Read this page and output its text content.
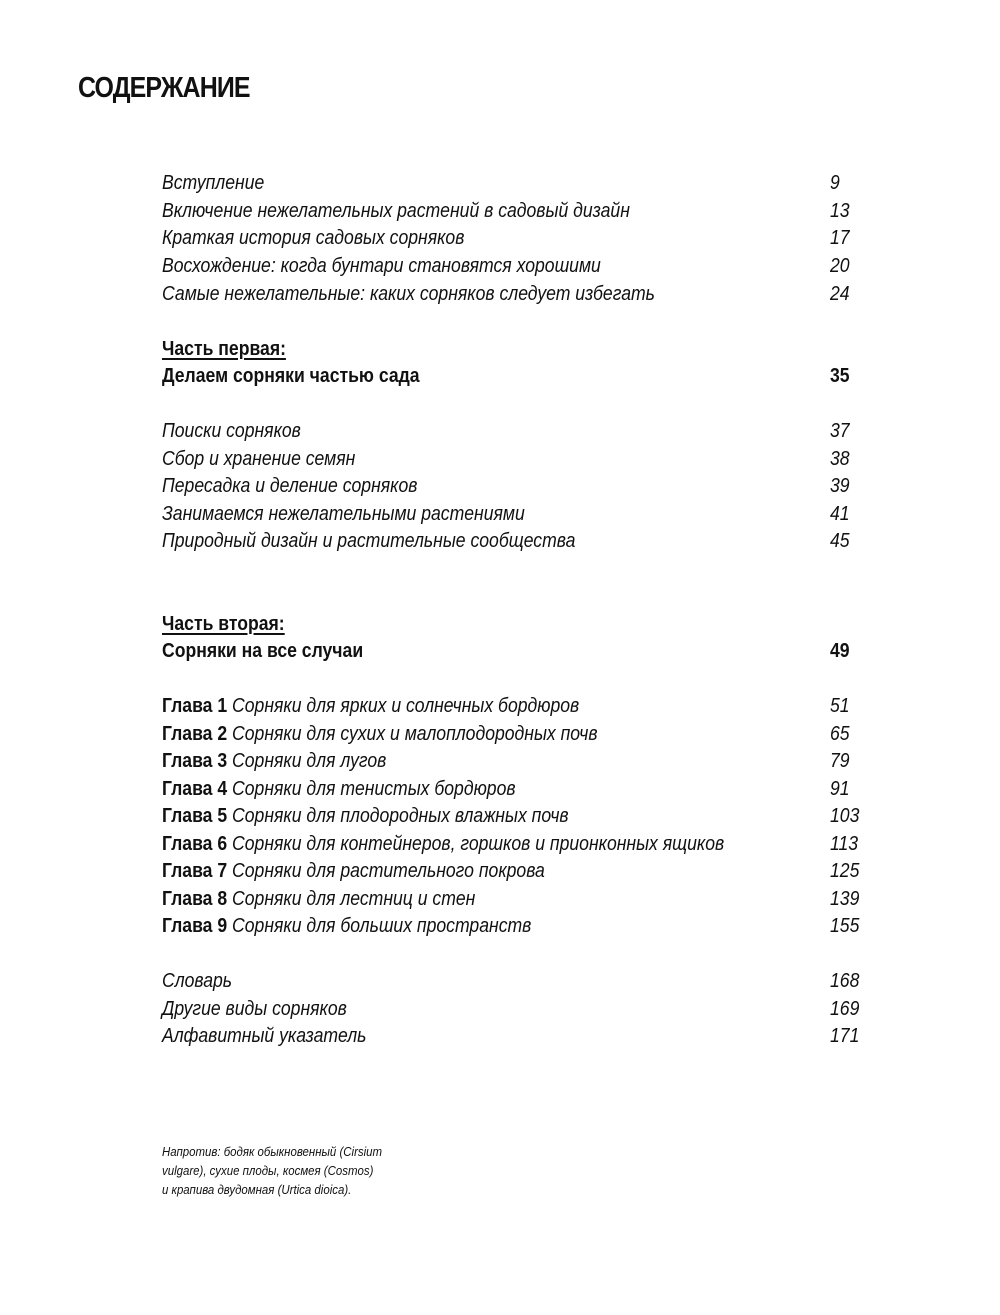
СОДЕРЖАНИЕ
Вступление	9
Включение нежелательных растений в садовый дизайн	13
Краткая история садовых сорняков	17
Восхождение: когда бунтари становятся хорошими	20
Самые нежелательные: каких сорняков следует избегать	24
Часть первая:
Делаем сорняки частью сада	35
Поиски сорняков	37
Сбор и хранение семян	38
Пересадка и деление сорняков	39
Занимаемся нежелательными растениями	41
Природный дизайн и растительные сообщества	45
Часть вторая:
Сорняки на все случаи	49
Глава 1 Сорняки для ярких и солнечных бордюров	51
Глава 2 Сорняки для сухих и малоплодородных почв	65
Глава 3 Сорняки для лугов	79
Глава 4 Сорняки для тенистых бордюров	91
Глава 5 Сорняки для плодородных влажных почв	103
Глава 6 Сорняки для контейнеров, горшков и прионконных ящиков	113
Глава 7 Сорняки для растительного покрова	125
Глава 8 Сорняки для лестниц и стен	139
Глава 9 Сорняки для больших пространств	155
Словарь	168
Другие виды сорняков	169
Алфавитный указатель	171
Напротив: бодяк обыкновенный (Cirsium
vulgare), сухие плоды, космея (Cosmos)
и крапива двудомная (Urtica dioica).
